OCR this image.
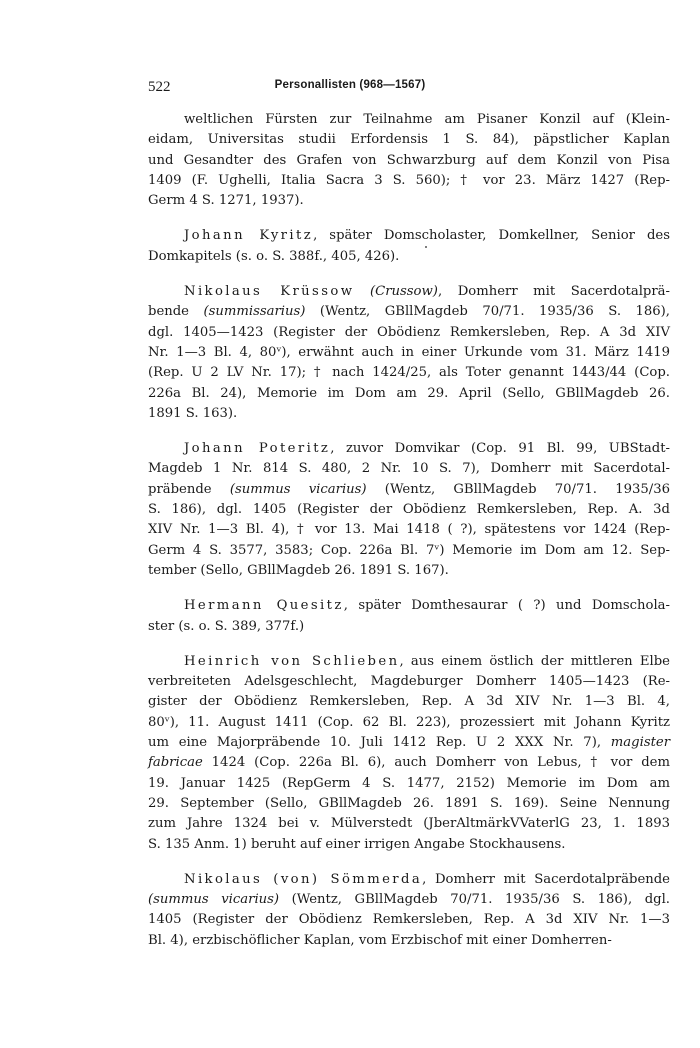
522	Personallisten (968—1567)

weltlichen Fürsten zur Teilnahme am Pisaner Konzil auf (Klein-
eidam, Universitas studii Erfordensis 1 S. 84), päpstlicher Kaplan
und Gesandter des Grafen von Schwarzburg auf dem Konzil von Pisa
1409 (F. Ughelli, Italia Sacra 3 S. 560); † vor 23. März 1427 (Rep-
Germ 4 S. 1271, 1937).

Johann Kyritz, später Domscholaster, Domkellner, Senior des
Domkapitels (s. o. S. 388f., 405, 426).

Nikolaus Krüssow (Crussow), Domherr mit Sacerdotalprä-
bende (summissarius) (Wentz, GBllMagdeb 70/71. 1935/36 S. 186),
dgl. 1405—1423 (Register der Obödienz Remkersleben, Rep. A 3d XIV
Nr. 1—3 Bl. 4, 80ᵛ), erwähnt auch in einer Urkunde vom 31. März 1419
(Rep. U 2 LV Nr. 17); † nach 1424/25, als Toter genannt 1443/44 (Cop.
226a Bl. 24), Memorie im Dom am 29. April (Sello, GBllMagdeb 26.
1891 S. 163).

Johann Poteritz, zuvor Domvikar (Cop. 91 Bl. 99, UBStadt-
Magdeb 1 Nr. 814 S. 480, 2 Nr. 10 S. 7), Domherr mit Sacerdotal-
präbende (summus vicarius) (Wentz, GBllMagdeb 70/71. 1935/36
S. 186), dgl. 1405 (Register der Obödienz Remkersleben, Rep. A. 3d
XIV Nr. 1—3 Bl. 4), † vor 13. Mai 1418 ( ?), spätestens vor 1424 (Rep-
Germ 4 S. 3577, 3583; Cop. 226a Bl. 7ᵛ) Memorie im Dom am 12. Sep-
tember (Sello, GBllMagdeb 26. 1891 S. 167).

Hermann Quesitz, später Domthesaurar ( ?) und Domschola-
ster (s. o. S. 389, 377f.)

Heinrich von Schlieben, aus einem östlich der mittleren Elbe
verbreiteten Adelsgeschlecht, Magdeburger Domherr 1405—1423 (Re-
gister der Obödienz Remkersleben, Rep. A 3d XIV Nr. 1—3 Bl. 4,
80ᵛ), 11. August 1411 (Cop. 62 Bl. 223), prozessiert mit Johann Kyritz
um eine Majorpräbende 10. Juli 1412 Rep. U 2 XXX Nr. 7), magister
fabricae 1424 (Cop. 226a Bl. 6), auch Domherr von Lebus, † vor dem
19. Januar 1425 (RepGerm 4 S. 1477, 2152) Memorie im Dom am
29. September (Sello, GBllMagdeb 26. 1891 S. 169). Seine Nennung
zum Jahre 1324 bei v. Mülverstedt (JberAltmärkVVaterlG 23, 1. 1893
S. 135 Anm. 1) beruht auf einer irrigen Angabe Stockhausens.

Nikolaus (von) Sömmerda, Domherr mit Sacerdotalpräbende
(summus vicarius) (Wentz, GBllMagdeb 70/71. 1935/36 S. 186), dgl.
1405 (Register der Obödienz Remkersleben, Rep. A 3d XIV Nr. 1—3
Bl. 4), erzbischöflicher Kaplan, vom Erzbischof mit einer Domherren-
